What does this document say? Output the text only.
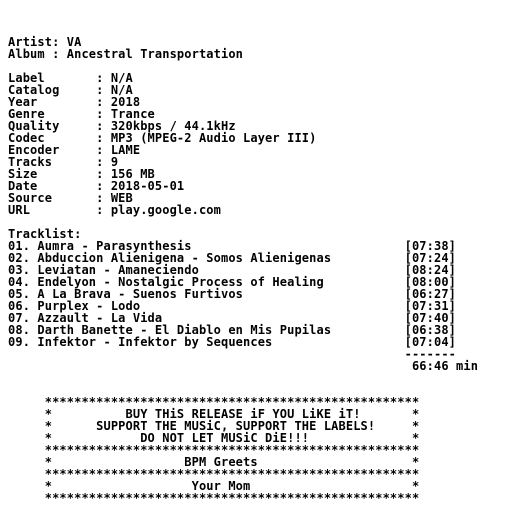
Artist: VA
Album : Ancestral Transportation
Label       : N/A
Catalog     : N/A
Year        : 2018
Genre       : Trance
Quality     : 320kbps / 44.1kHz
Codec       : MP3 (MPEG-2 Audio Layer III)
Encoder     : LAME
Tracks      : 9
Size        : 156 MB
Date        : 2018-05-01
Source      : WEB
URL         : play.google.com
Tracklist:
01. Aumra - Parasynthesis                             [07:38]
02. Abduccion Alienigena - Somos Alienigenas          [07:24]
03. Leviatan - Amaneciendo                            [08:24]
04. Endelyon - Nostalgic Process of Healing           [08:00]
05. A La Brava - Suenos Furtivos                      [06:27]
06. Purplex - Lodo                                    [07:31]
07. Azzault - La Vida                                 [07:40]
08. Darth Banette - El Diablo en Mis Pupilas          [06:38]
09. Infektor - Infektor by Sequences                  [07:04]
-------
66:46 min
***************************************************
*          BUY THiS RELEASE iF YOU LiKE iT!       *
*      SUPPORT THE MUSiC, SUPPORT THE LABELS!     *
*            DO NOT LET MUSiC DiE!!!              *
***************************************************
*                  BPM Greets                     *
***************************************************
*                   Your Mom                      *
***************************************************
